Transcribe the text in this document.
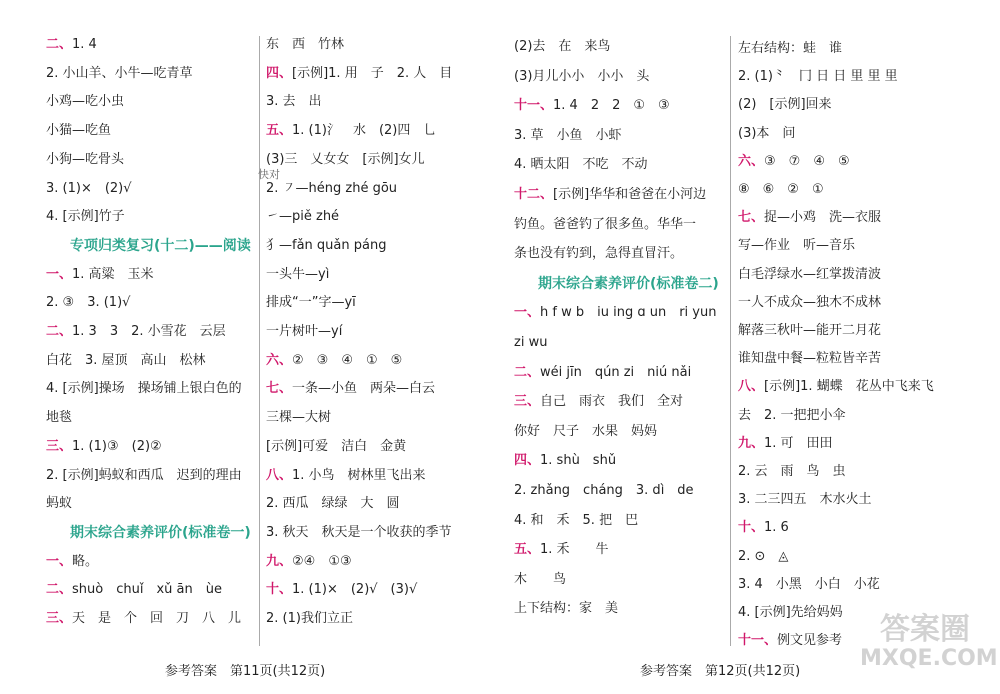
二、1. 4
2. 小山羊、小牛—吃青草
小鸡—吃小虫
小猫—吃鱼
小狗—吃骨头
3. (1)×　(2)√
4. [示例]竹子
专项归类复习(十二)——阅读
一、1. 高粱　玉米
2. ③　3. (1)√
二、1. 3　3　2. 小雪花　云层
白花　3. 屋顶　高山　松林
4. [示例]操场　操场铺上银白色的
地毯
三、1. (1)③　(2)②
2. [示例]蚂蚁和西瓜　迟到的理由
蚂蚁
期末综合素养评价(标准卷一)
一、略。
二、shuò　chuǐ　xǔ ān　ùe
三、天　是　个　回　刀　八　儿
东　西　竹林
四、[示例]1. 用　子　2. 人　目
3. 去　出
五、1. (1)氵　水　(2)四　乚
(3)三　乂女女　[示例]女儿
2. ㇇—héng zhé gōu
㇀—piě zhé
犭—fǎn quǎn páng
一头牛—yì
排成“一”字—yī
一片树叶—yí
六、②　③　④　①　⑤
七、一条—小鱼　两朵—白云
三棵—大树
[示例]可爱　洁白　金黄
八、1. 小鸟　树林里飞出来
2. 西瓜　绿绿　大　圆
3. 秋天　秋天是一个收获的季节
九、②④　①③
十、1. (1)×　(2)√　(3)√
2. (1)我们立正
(2)去　在　来鸟
(3)月儿小小　小小　头
十一、1. 4　2　2　①　③
3. 草　小鱼　小虾
4. 晒太阳　不吃　不动
十二、[示例]华华和爸爸在小河边
钓鱼。爸爸钓了很多鱼。华华一
条也没有钓到，急得直冒汗。
期末综合素养评价(标准卷二)
一、h f w b　iu ing ɑ un　ri yun
zi wu
二、wéi jīn　qún zi　niú nǎi
三、自己　雨衣　我们　全对
你好　尺子　水果　妈妈
四、1. shù　shǔ
2. zhǎng　cháng　3. dì　de
4. 和　禾　5. 把　巴
五、1. 禾　　牛
木　　鸟
上下结构：家　美
左右结构：蛙　谁
2. (1)⺀　冂 日 日 里 里 里
(2)　[示例]回来
(3)本　问
六、③　⑦　④　⑤
⑧　⑥　②　①
七、捉—小鸡　洗—衣服
写—作业　听—音乐
白毛浮绿水—红掌拨清波
一人不成众—独木不成林
解落三秋叶—能开二月花
谁知盘中餐—粒粒皆辛苦
八、[示例]1. 蝴蝶　花丛中飞来飞
去　2. 一把把小伞
九、1. 可　田田
2. 云　雨　鸟　虫
3. 二三四五　木水火土
十、1. 6
2. ⊙　◬
3. 4　小黑　小白　小花
4. [示例]先给妈妈
十一、例文见参考
参考答案　第11页(共12页)	参考答案　第12页(共12页)
答案圈
MXQE.COM
快对
